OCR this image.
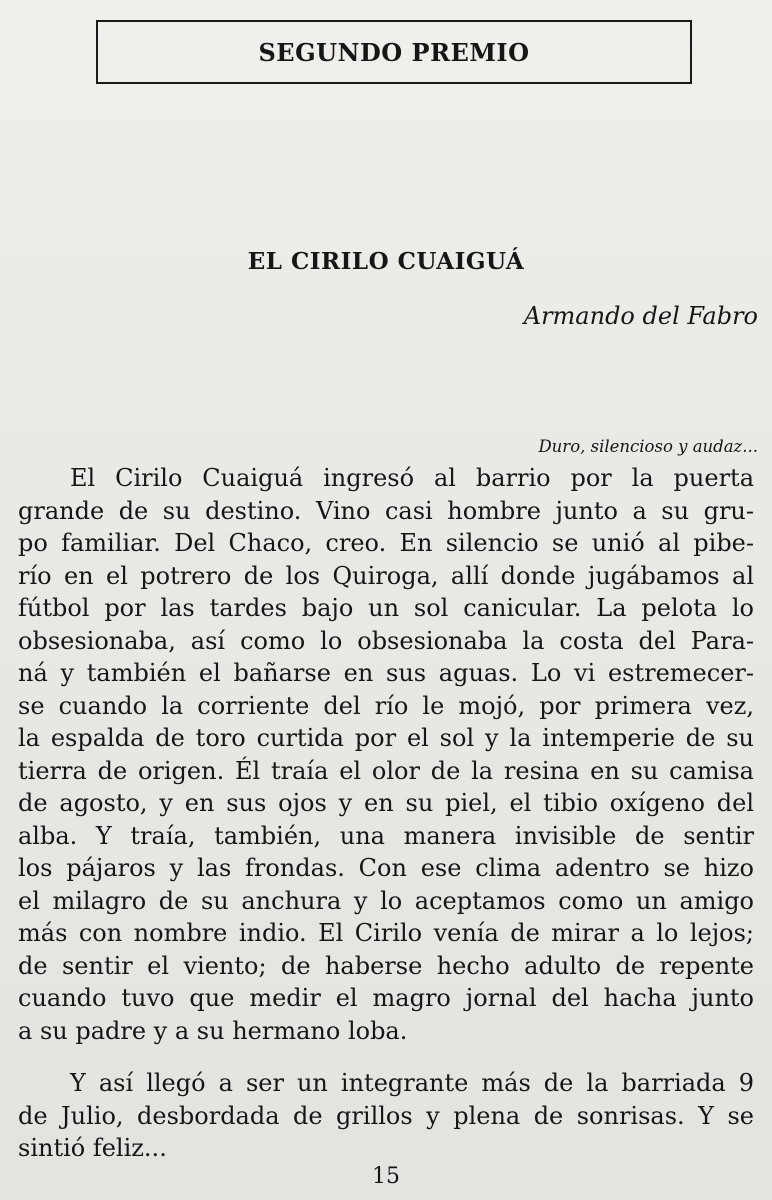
SEGUNDO PREMIO
EL CIRILO CUAIGUÁ
Armando del Fabro
Duro, silencioso y audaz...
El Cirilo Cuaiguá ingresó al barrio por la puerta
grande de su destino. Vino casi hombre junto a su gru-
po familiar. Del Chaco, creo. En silencio se unió al pibe-
río en el potrero de los Quiroga, allí donde jugábamos al
fútbol por las tardes bajo un sol canicular. La pelota lo
obsesionaba, así como lo obsesionaba la costa del Para-
ná y también el bañarse en sus aguas. Lo vi estremecer-
se cuando la corriente del río le mojó, por primera vez,
la espalda de toro curtida por el sol y la intemperie de su
tierra de origen. Él traía el olor de la resina en su camisa
de agosto, y en sus ojos y en su piel, el tibio oxígeno del
alba. Y traía, también, una manera invisible de sentir
los pájaros y las frondas. Con ese clima adentro se hizo
el milagro de su anchura y lo aceptamos como un amigo
más con nombre indio. El Cirilo venía de mirar a lo lejos;
de sentir el viento; de haberse hecho adulto de repente
cuando tuvo que medir el magro jornal del hacha junto
a su padre y a su hermano loba.
Y así llegó a ser un integrante más de la barriada 9
de Julio, desbordada de grillos y plena de sonrisas. Y se
sintió feliz...
15
